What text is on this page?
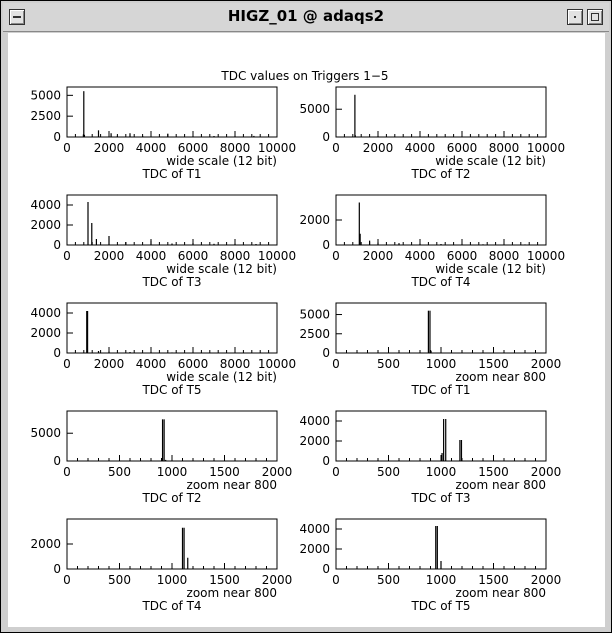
HIGZ_01 @ adaqs2
TDC values on Triggers 1−5
0 2000 4000 6000 8000 10000
0
2500
5000
wide scale (12 bit)
TDC of T1
0 2000 4000 6000 8000 10000
0
5000
wide scale (12 bit)
TDC of T2
0 2000 4000 6000 8000 10000
0
2000
4000
wide scale (12 bit)
TDC of T3
0 2000 4000 6000 8000 10000
0
2000
wide scale (12 bit)
TDC of T4
0 2000 4000 6000 8000 10000
0
2000
4000
wide scale (12 bit)
TDC of T5
0	500 1000 1500 2000
0
2500
5000
zoom near 800
TDC of T1
0	500 1000 1500 2000
0
5000
zoom near 800
TDC of T2
0	500 1000 1500 2000
0
2000
4000
zoom near 800
TDC of T3
0	500 1000 1500 2000
0
2000
zoom near 800
TDC of T4
0	500 1000 1500 2000
0
2000
4000
zoom near 800
TDC of T5
